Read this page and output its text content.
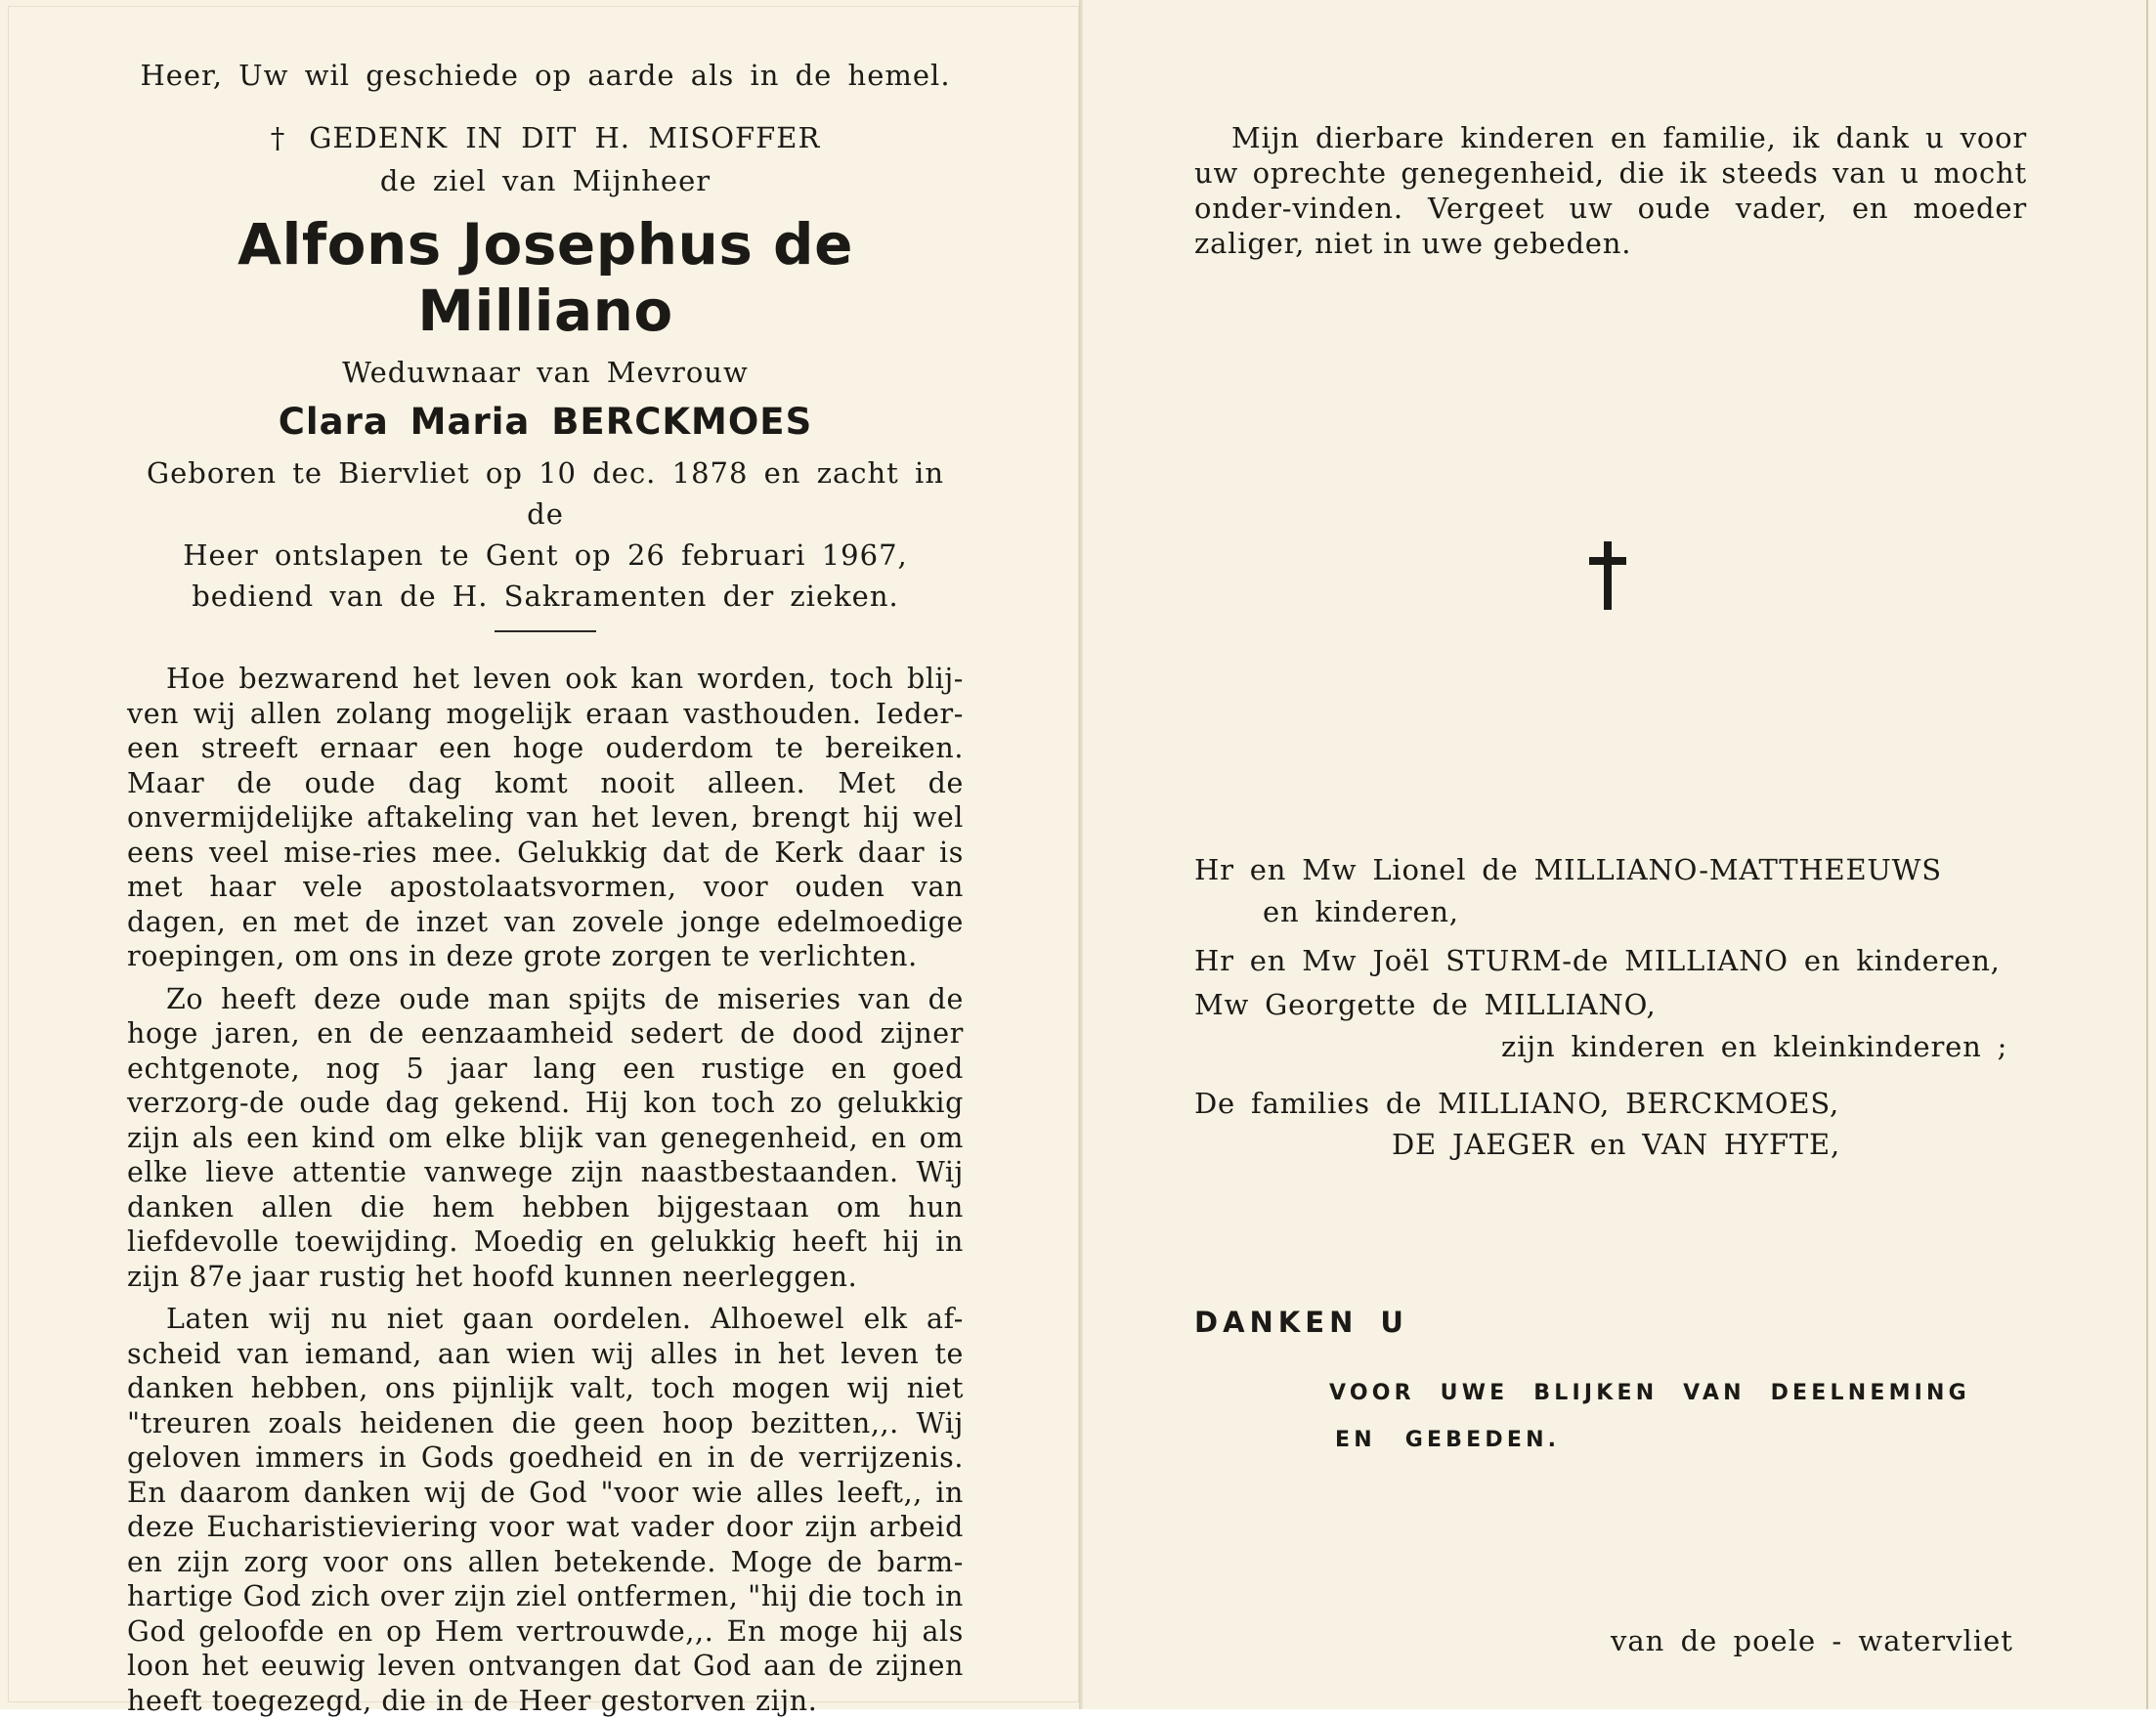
Heer, Uw wil geschiede op aarde als in de hemel.

† GEDENK IN DIT H. MISOFFER

de ziel van Mijnheer

Alfons Josephus de Milliano

Weduwnaar van Mevrouw

Clara Maria BERCKMOES

Geboren te Biervliet op 10 dec. 1878 en zacht in de
Heer ontslapen te Gent op 26 februari 1967,
bediend van de H. Sakramenten der zieken.

Hoe bezwarend het leven ook kan worden, toch blij-ven wij allen zolang mogelijk eraan vasthouden. Ieder-een streeft ernaar een hoge ouderdom te bereiken. Maar de oude dag komt nooit alleen. Met de onvermijdelijke aftakeling van het leven, brengt hij wel eens veel mise-ries mee. Gelukkig dat de Kerk daar is met haar vele apostolaatsvormen, voor ouden van dagen, en met de inzet van zovele jonge edelmoedige roepingen, om ons in deze grote zorgen te verlichten.

Zo heeft deze oude man spijts de miseries van de hoge jaren, en de eenzaamheid sedert de dood zijner echtgenote, nog 5 jaar lang een rustige en goed verzorg-de oude dag gekend. Hij kon toch zo gelukkig zijn als een kind om elke blijk van genegenheid, en om elke lieve attentie vanwege zijn naastbestaanden. Wij danken allen die hem hebben bijgestaan om hun liefdevolle toewijding. Moedig en gelukkig heeft hij in zijn 87e jaar rustig het hoofd kunnen neerleggen.

Laten wij nu niet gaan oordelen. Alhoewel elk af-scheid van iemand, aan wien wij alles in het leven te danken hebben, ons pijnlijk valt, toch mogen wij niet "treuren zoals heidenen die geen hoop bezitten,,. Wij geloven immers in Gods goedheid en in de verrijzenis. En daarom danken wij de God "voor wie alles leeft,, in deze Eucharistieviering voor wat vader door zijn arbeid en zijn zorg voor ons allen betekende. Moge de barm-hartige God zich over zijn ziel ontfermen, "hij die toch in God geloofde en op Hem vertrouwde,,. En moge hij als loon het eeuwig leven ontvangen dat God aan de zijnen heeft toegezegd, die in de Heer gestorven zijn.

Mijn dierbare kinderen en familie, ik dank u voor uw oprechte genegenheid, die ik steeds van u mocht onder-vinden. Vergeet uw oude vader, en moeder zaliger, niet in uwe gebeden.

Hr en Mw Lionel de MILLIANO-MATTHEEUWS

en kinderen,

Hr en Mw Joël STURM-de MILLIANO en kinderen,

Mw Georgette de MILLIANO,

zijn kinderen en kleinkinderen ;

De families de MILLIANO, BERCKMOES,

DE JAEGER en VAN HYFTE,

DANKEN U

VOOR UWE BLIJKEN VAN DEELNEMING

EN GEBEDEN.

van de poele - watervliet
